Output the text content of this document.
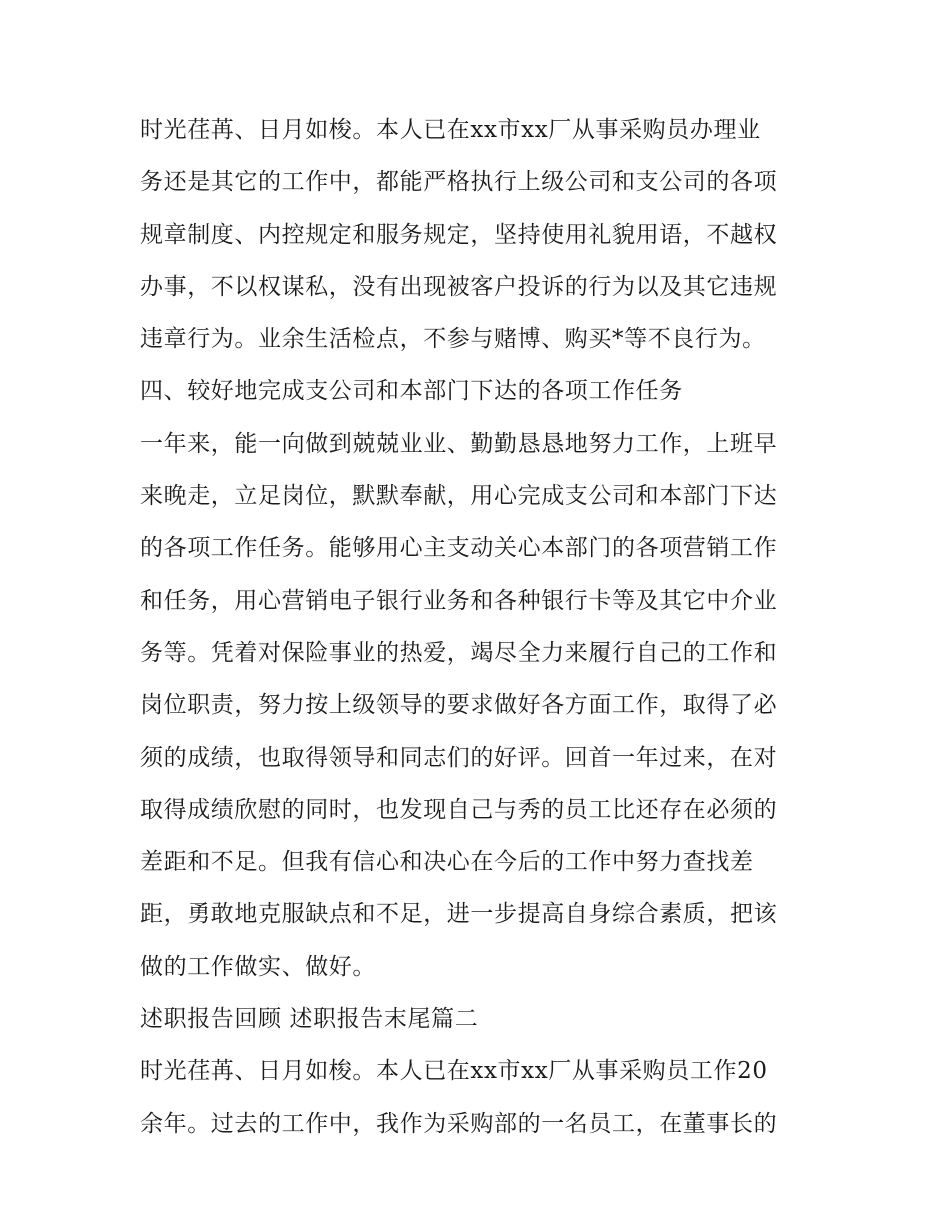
时光荏苒、日月如梭。本人已在xx市xx厂从事采购员办理业
务还是其它的工作中，都能严格执行上级公司和支公司的各项
规章制度、内控规定和服务规定，坚持使用礼貌用语，不越权
办事，不以权谋私，没有出现被客户投诉的行为以及其它违规
违章行为。业余生活检点，不参与赌博、购买*等不良行为。
四、较好地完成支公司和本部门下达的各项工作任务
一年来，能一向做到兢兢业业、勤勤恳恳地努力工作，上班早
来晚走，立足岗位，默默奉献，用心完成支公司和本部门下达
的各项工作任务。能够用心主支动关心本部门的各项营销工作
和任务，用心营销电子银行业务和各种银行卡等及其它中介业
务等。凭着对保险事业的热爱，竭尽全力来履行自己的工作和
岗位职责，努力按上级领导的要求做好各方面工作，取得了必
须的成绩，也取得领导和同志们的好评。回首一年过来，在对
取得成绩欣慰的同时，也发现自己与秀的员工比还存在必须的
差距和不足。但我有信心和决心在今后的工作中努力查找差
距，勇敢地克服缺点和不足，进一步提高自身综合素质，把该
做的工作做实、做好。
述职报告回顾 述职报告末尾篇二
时光荏苒、日月如梭。本人已在xx市xx厂从事采购员工作20
余年。过去的工作中，我作为采购部的一名员工，在董事长的
